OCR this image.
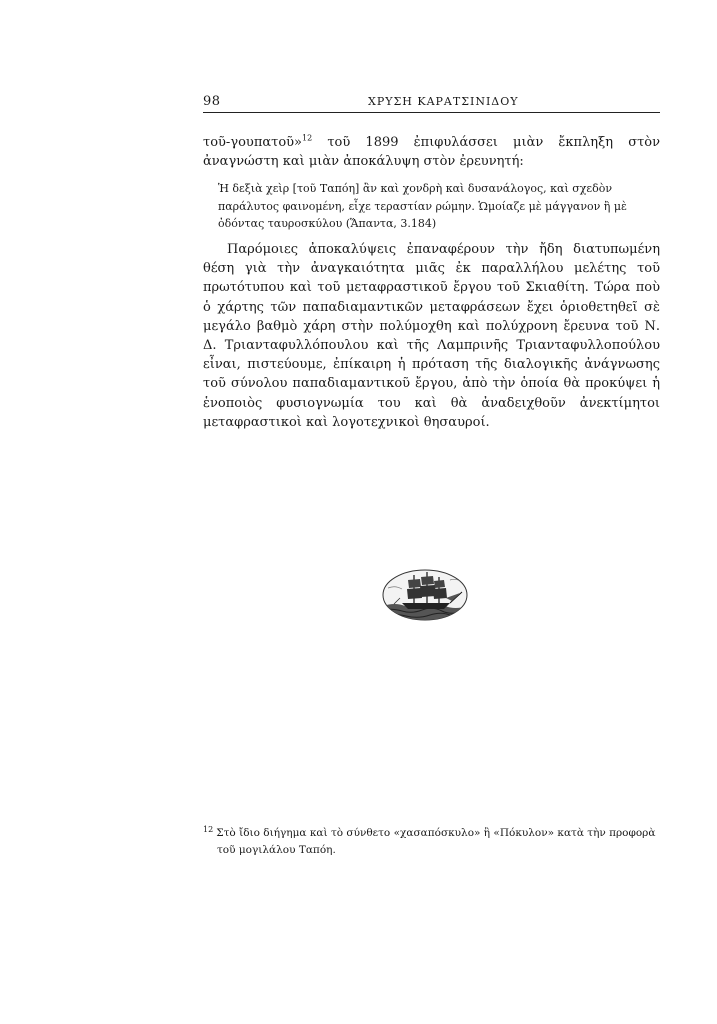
98	ΧΡΥΣΗ ΚΑΡΑΤΣΙΝΙΔΟΥ

τοῦ-γουπατοῦ»$^{12}$ τοῦ 1899 ἐπιφυλάσσει μιὰν ἔκπληξη στὸν ἀναγνώστη καὶ μιὰν ἀποκάλυψη στὸν ἐρευνητή:

Ἡ δεξιὰ χεὶρ [τοῦ Ταπόη] ἂν καὶ χονδρὴ καὶ δυσανάλογος, καὶ σχεδὸν παράλυτος φαινομένη, εἶχε τεραστίαν ρώμην. Ὡμοίαζε μὲ μάγγανον ἢ μὲ ὀδόντας ταυροσκύλου (Ἅπαντα, 3.184)

Παρόμοιες ἀποκαλύψεις ἐπαναφέρουν τὴν ἤδη διατυπωμένη θέση γιὰ τὴν ἀναγκαιότητα μιᾶς ἐκ παραλλήλου μελέτης τοῦ πρωτότυπου καὶ τοῦ μεταφραστικοῦ ἔργου τοῦ Σκιαθίτη. Τώρα ποὺ ὁ χάρτης τῶν παπαδιαμαντικῶν μεταφράσεων ἔχει ὁριοθετηθεῖ σὲ μεγάλο βαθμὸ χάρη στὴν πολύμοχθη καὶ πολύχρονη ἔρευνα τοῦ Ν. Δ. Τριανταφυλλόπουλου καὶ τῆς Λαμπρινῆς Τριανταφυλλοπούλου εἶναι, πιστεύουμε, ἐπίκαιρη ἡ πρόταση τῆς διαλογικῆς ἀνάγνωσης τοῦ σύνολου παπαδιαμαντικοῦ ἔργου, ἀπὸ τὴν ὁποία θὰ προκύψει ἡ ἑνοποιὸς φυσιογνωμία του καὶ θὰ ἀναδειχθοῦν ἀνεκτίμητοι μεταφραστικοὶ καὶ λογοτεχνικοὶ θησαυροί.

$^{12}$ Στὸ ἴδιο διήγημα καὶ τὸ σύνθετο «χασαπόσκυλο» ἢ «Πόκυλον» κατὰ τὴν προφορὰ τοῦ μογιλάλου Ταπόη.
